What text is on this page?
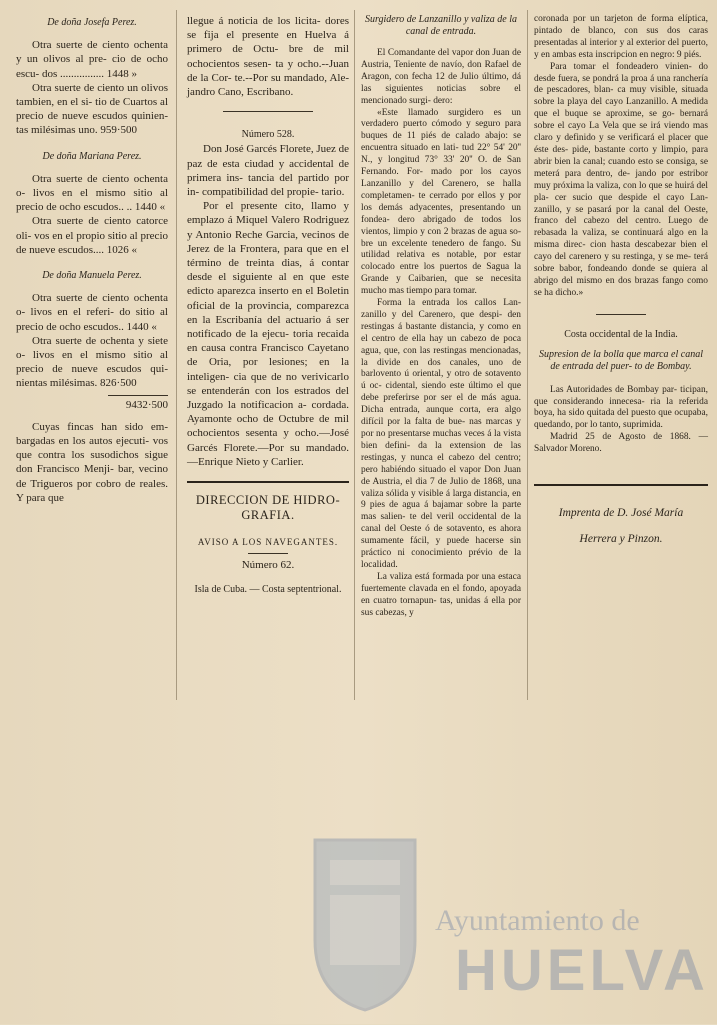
De doña Josefa Perez.

Otra suerte de ciento ochenta y un olivos al pre- cio de ocho escu- dos ................ 1448 »

Otra suerte de ciento un olivos tambien, en el si- tio de Cuartos al precio de nueve escudos quinien- tas milésimas uno. 959·500

De doña Mariana Perez.

Otra suerte de ciento ochenta o- livos en el mismo sitio al precio de ocho escudos.. .. 1440 «

Otra suerte de ciento catorce oli- vos en el propio sitio al precio de nueve escudos.... 1026 «

De doña Manuela Perez.

Otra suerte de ciento ochenta o- livos en el referi- do sitio al precio de ocho escudos.. 1440 «

Otra suerte de ochenta y siete o- livos en el mismo sitio al precio de nueve escudos qui- nientas milésimas. 826·500

9432·500

Cuyas fincas han sido em- bargadas en los autos ejecuti- vos que contra los susodichos sigue don Francisco Menji- bar, vecino de Trigueros por cobro de reales. Y para que

llegue á noticia de los licita- dores se fija el presente en Huelva á primero de Octu- bre de mil ochocientos sesen- ta y ocho.--Juan de la Cor- te.--Por su mandado, Ale- jandro Cano, Escribano.

Número 528.

Don José Garcés Florete, Juez de paz de esta ciudad y accidental de primera ins- tancia del partido por in- compatibilidad del propie- tario.

Por el presente cito, llamo y emplazo á Miquel Valero Rodriguez y Antonio Reche Garcia, vecinos de Jerez de la Frontera, para que en el término de treinta dias, á contar desde el siguiente al en que este edicto aparezca inserto en el Boletin oficial de la provincia, comparezca en la Escribanía del actuario á ser notificado de la ejecu- toria recaida en causa contra Francisco Cayetano de Oria, por lesiones; en la inteligen- cia que de no verivicarlo se entenderán con los estrados del Juzgado la notificacion a- cordada. Ayamonte ocho de Octubre de mil ochocientos sesenta y ocho.—José Garcés Florete.—Por su mandado. —Enrique Nieto y Carlier.

DIRECCION DE HIDRO- GRAFIA.

AVISO A LOS NAVEGANTES.

Número 62.

Isla de Cuba. — Costa septentrional.

Surgidero de Lanzanillo y valiza de la canal de entrada.

El Comandante del vapor don Juan de Austria, Teniente de navío, don Rafael de Aragon, con fecha 12 de Julio último, dá las siguientes noticias sobre el mencionado surgi- dero:

«Este llamado surgidero es un verdadero puerto cómodo y seguro para buques de 11 piés de calado abajo: se encuentra situado en lati- tud 22° 54' 20'' N., y longitud 73° 33' 20'' O. de San Fernando. For- mado por los cayos Lanzanillo y del Carenero, se halla completamen- te cerrado por ellos y por los demás adyacentes, presentando un fondea- dero abrigado de todos los vientos, limpio y con 2 brazas de agua so- bre un excelente tenedero de fango. Su utilidad relativa es notable, por estar colocado entre los puertos de Sagua la Grande y Caibarien, que se necesita mucho mas tiempo para tomar.

Forma la entrada los callos Lan- zanillo y del Carenero, que despi- den restingas á bastante distancia, y como en el centro de ella hay un cabezo de poca agua, que, con las restingas mencionadas, la divide en dos canales, uno de barlovento ú oriental, y otro de sotavento ú oc- cidental, siendo este último el que debe preferirse por ser el de más agua. Dicha entrada, aunque corta, era algo difícil por la falta de bue- nas marcas y por no presentarse muchas veces á la vista bien defini- da la extension de las restingas, y nunca el cabezo del centro; pero habiéndo situado el vapor Don Juan de Austria, el dia 7 de Julio de 1868, una valiza sólida y visible á larga distancia, en 9 pies de agua á bajamar sobre la parte mas salien- te del veril occidental de la canal del Oeste ó de sotavento, es ahora sumamente fácil, y puede hacerse sin práctico ni conocimiento prévio de la localidad.

La valiza está formada por una estaca fuertemente clavada en el fondo, apoyada en cuatro tornapun- tas, unidas á ella por sus cabezas, y

coronada por un tarjeton de forma elíptica, pintado de blanco, con sus dos caras presentadas al interior y al exterior del puerto, y en ambas esta inscripcion en negro: 9 piés.

Para tomar el fondeadero vinien- do desde fuera, se pondrá la proa á una ranchería de pescadores, blan- ca muy visible, situada sobre la playa del cayo Lanzanillo. A medida que el buque se aproxime, se go- bernará sobre el cayo La Vela que se irá viendo mas claro y definido y se verificará el placer que éste des- pide, bastante corto y limpio, para abrir bien la canal; cuando esto se consiga, se meterá para dentro, de- jando por estribor muy próxima la valiza, con lo que se huirá del pla- cer sucio que despide el cayo Lan- zanillo, y se pasará por la canal del Oeste, franco del cabezo del centro. Luego de rebasada la valiza, se continuará algo en la misma direc- cion hasta descabezar bien el cayo del carenero y su restinga, y se me- terá sobre babor, fondeando donde se quiera al abrigo del mismo en dos brazas fango como se ha dicho.»

Costa occidental de la India.

Supresion de la bolla que marca el canal de entrada del puer- to de Bombay.

Las Autoridades de Bombay par- ticipan, que considerando innecesa- ria la referida boya, ha sido quitada del puesto que ocupaba, quedando, por lo tanto, suprimida.

Madrid 25 de Agosto de 1868. — Salvador Moreno.

Imprenta de D. José María

Herrera y Pinzon.

Ayuntamiento de
HUELVA
